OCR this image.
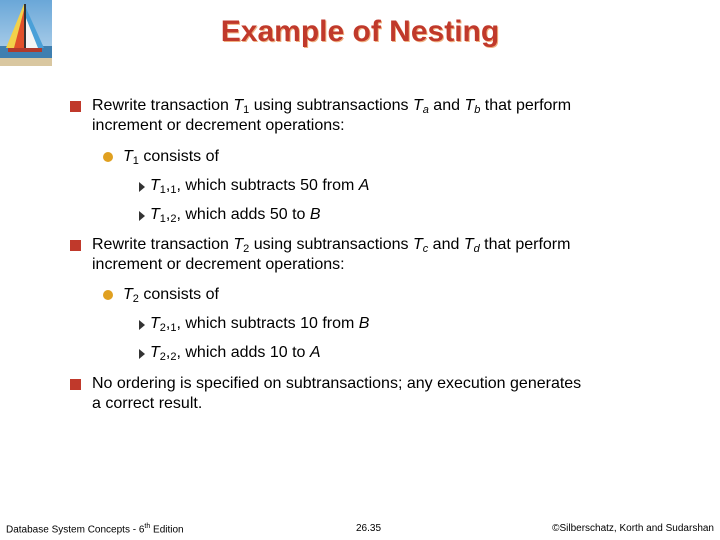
Example of Nesting
Rewrite transaction $T_1$ using subtransactions $T_a$ and $T_b$ that perform
increment or decrement operations:
$T_1$ consists of
$T_1,_1$, which subtracts 50 from A
$T_1,_2$, which adds 50 to B
Rewrite transaction $T_2$ using subtransactions $T_c$ and $T_d$ that perform
increment or decrement operations:
$T_2$ consists of
$T_2,_1$, which subtracts 10 from B
$T_2,_2$, which adds 10 to A
No ordering is specified on subtransactions; any execution generates
a correct result.
Database System Concepts - 6th Edition	26.35	©Silberschatz, Korth and Sudarshan
